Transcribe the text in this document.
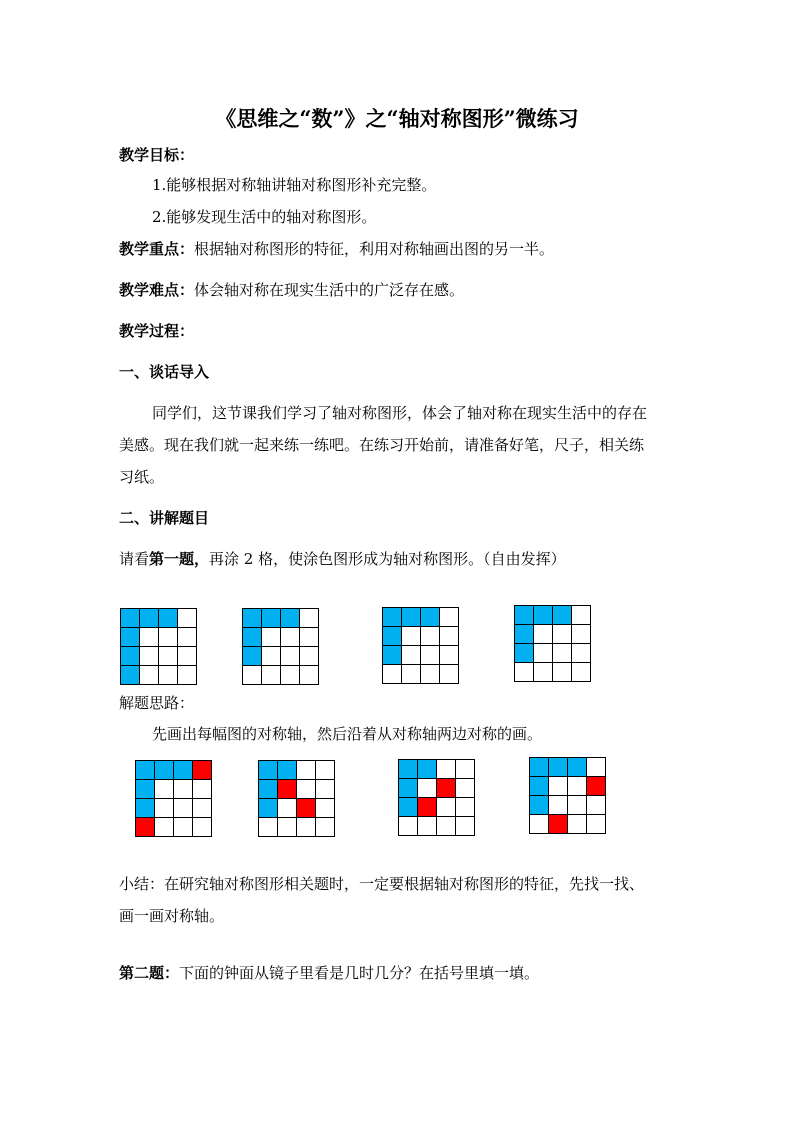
《思维之“数”》之“轴对称图形”微练习
教学目标：
1.能够根据对称轴讲轴对称图形补充完整。
2.能够发现生活中的轴对称图形。
教学重点：根据轴对称图形的特征，利用对称轴画出图的另一半。
教学难点：体会轴对称在现实生活中的广泛存在感。
教学过程：
一、谈话导入
同学们，这节课我们学习了轴对称图形，体会了轴对称在现实生活中的存在
美感。现在我们就一起来练一练吧。在练习开始前，请准备好笔，尺子，相关练
习纸。
二、讲解题目
请看第一题，再涂 2 格，使涂色图形成为轴对称图形。（自由发挥）
解题思路：
先画出每幅图的对称轴，然后沿着从对称轴两边对称的画。
小结：在研究轴对称图形相关题时，一定要根据轴对称图形的特征，先找一找、
画一画对称轴。
第二题：下面的钟面从镜子里看是几时几分？在括号里填一填。
